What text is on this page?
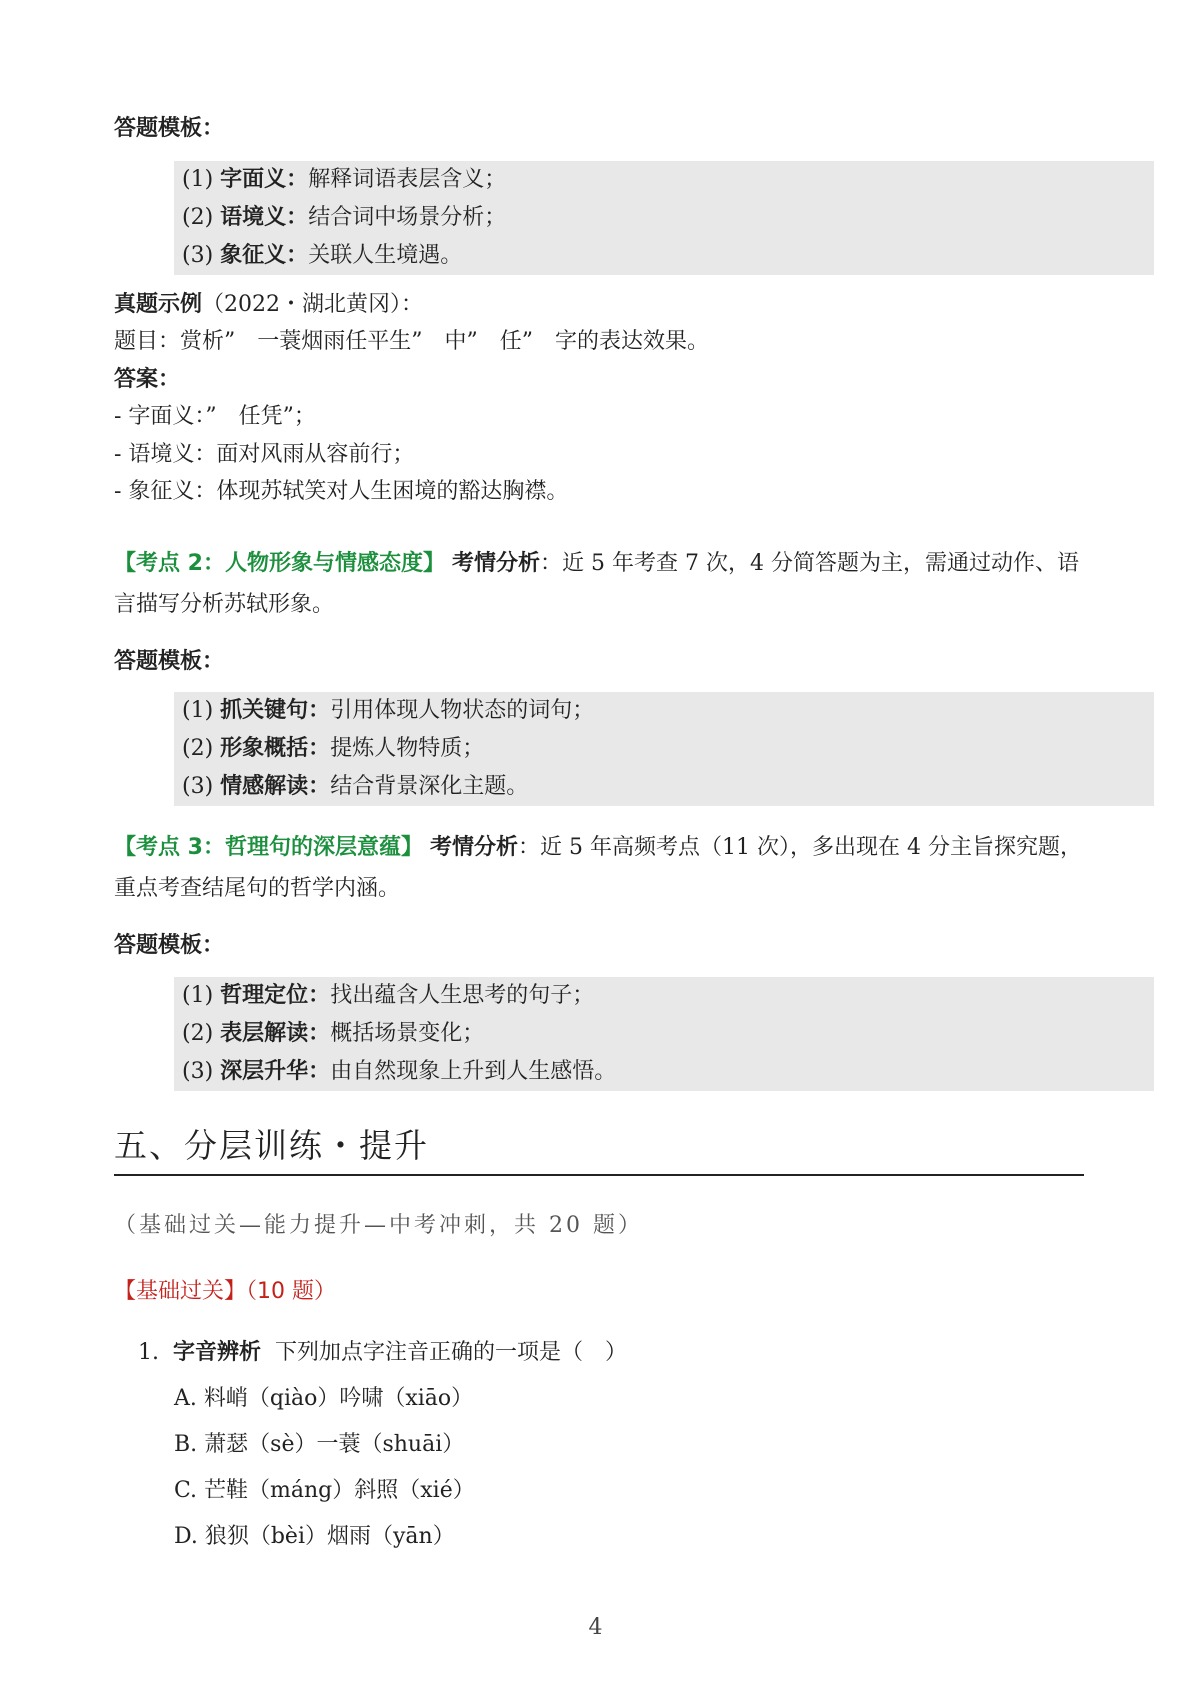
答题模板：
(1) 字面义：解释词语表层含义；
(2) 语境义：结合词中场景分析；
(3) 象征义：关联人生境遇。
真题示例（2022・湖北黄冈）：
题目：赏析”　一蓑烟雨任平生”　中”　任”　字的表达效果。
答案：
- 字面义：”　任凭”；
- 语境义：面对风雨从容前行；
- 象征义：体现苏轼笑对人生困境的豁达胸襟。
【考点 2：人物形象与情感态度】 考情分析：近 5 年考查 7 次，4 分简答题为主，需通过动作、语言描写分析苏轼形象。
答题模板：
(1) 抓关键句：引用体现人物状态的词句；
(2) 形象概括：提炼人物特质；
(3) 情感解读：结合背景深化主题。
【考点 3：哲理句的深层意蕴】 考情分析：近 5 年高频考点（11 次），多出现在 4 分主旨探究题，重点考查结尾句的哲学内涵。
答题模板：
(1) 哲理定位：找出蕴含人生思考的句子；
(2) 表层解读：概括场景变化；
(3) 深层升华：由自然现象上升到人生感悟。
五、分层训练・提升
（基础过关—能力提升—中考冲刺，共 20 题）
【基础过关】（10 题）
1. 字音辨析 下列加点字注音正确的一项是（　）
A. 料峭（qiào）吟啸（xiāo）
B. 萧瑟（sè）一蓑（shuāi）
C. 芒鞋（máng）斜照（xié）
D. 狼狈（bèi）烟雨（yān）
4
